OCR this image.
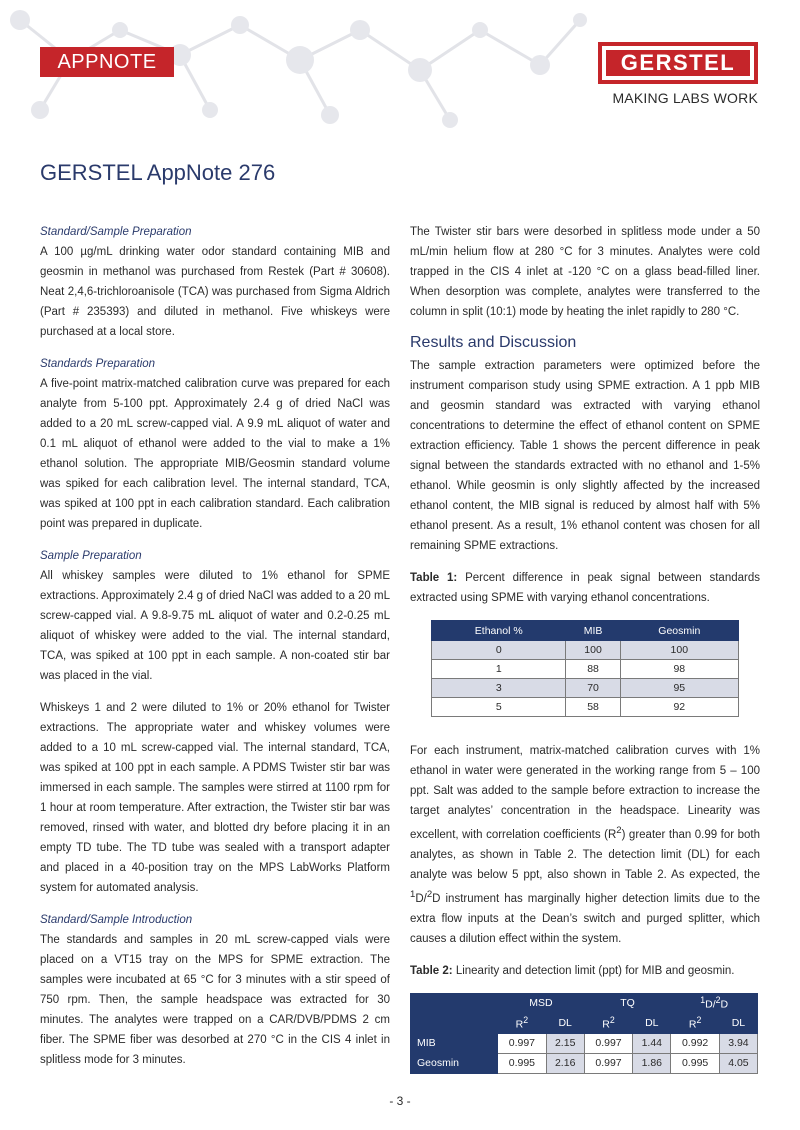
APPNOTE	GERSTEL
MAKING LABS WORK
GERSTEL AppNote 276
Standard/Sample Preparation

A 100 µg/mL drinking water odor standard containing MIB and geosmin in methanol was purchased from Restek (Part # 30608). Neat 2,4,6-trichloroanisole (TCA) was purchased from Sigma Aldrich (Part # 235393) and diluted in methanol. Five whiskeys were purchased at a local store.

Standards Preparation

A five-point matrix-matched calibration curve was prepared for each analyte from 5-100 ppt. Approximately 2.4 g of dried NaCl was added to a 20 mL screw-capped vial. A 9.9 mL aliquot of water and 0.1 mL aliquot of ethanol were added to the vial to make a 1% ethanol solution. The appropriate MIB/Geosmin standard volume was spiked for each calibration level. The internal standard, TCA, was spiked at 100 ppt in each calibration standard. Each calibration point was prepared in duplicate.

Sample Preparation

All whiskey samples were diluted to 1% ethanol for SPME extractions. Approximately 2.4 g of dried NaCl was added to a 20 mL screw-capped vial. A 9.8-9.75 mL aliquot of water and 0.2-0.25 mL aliquot of whiskey were added to the vial. The internal standard, TCA, was spiked at 100 ppt in each sample. A non-coated stir bar was placed in the vial.

Whiskeys 1 and 2 were diluted to 1% or 20% ethanol for Twister extractions. The appropriate water and whiskey volumes were added to a 10 mL screw-capped vial. The internal standard, TCA, was spiked at 100 ppt in each sample. A PDMS Twister stir bar was immersed in each sample. The samples were stirred at 1100 rpm for 1 hour at room temperature. After extraction, the Twister stir bar was removed, rinsed with water, and blotted dry before placing it in an empty TD tube. The TD tube was sealed with a transport adapter and placed in a 40-position tray on the MPS LabWorks Platform system for automated analysis.

Standard/Sample Introduction

The standards and samples in 20 mL screw-capped vials were placed on a VT15 tray on the MPS for SPME extraction. The samples were incubated at 65 °C for 3 minutes with a stir speed of 750 rpm. Then, the sample headspace was extracted for 30 minutes. The analytes were trapped on a CAR/DVB/PDMS 2 cm fiber. The SPME fiber was desorbed at 270 °C in the CIS 4 inlet in splitless mode for 3 minutes.

The Twister stir bars were desorbed in splitless mode under a 50 mL/min helium flow at 280 °C for 3 minutes. Analytes were cold trapped in the CIS 4 inlet at -120 °C on a glass bead-filled liner. When desorption was complete, analytes were transferred to the column in split (10:1) mode by heating the inlet rapidly to 280 °C.

Results and Discussion

The sample extraction parameters were optimized before the instrument comparison study using SPME extraction. A 1 ppb MIB and geosmin standard was extracted with varying ethanol concentrations to determine the effect of ethanol content on SPME extraction efficiency. Table 1 shows the percent difference in peak signal between the standards extracted with no ethanol and 1-5% ethanol. While geosmin is only slightly affected by the increased ethanol content, the MIB signal is reduced by almost half with 5% ethanol present. As a result, 1% ethanol content was chosen for all remaining SPME extractions.

Table 1: Percent difference in peak signal between standards extracted using SPME with varying ethanol concentrations.

Ethanol %	MIB	Geosmin
0	100	100
1	88	98
3	70	95
5	58	92

For each instrument, matrix-matched calibration curves with 1% ethanol in water were generated in the working range from 5 – 100 ppt. Salt was added to the sample before extraction to increase the target analytes’ concentration in the headspace. Linearity was excellent, with correlation coefficients $(R^2)$ greater than 0.99 for both analytes, as shown in Table 2. The detection limit (DL) for each analyte was below 5 ppt, also shown in Table 2. As expected, the $^1$D/$^2$D instrument has marginally higher detection limits due to the extra flow inputs at the Dean’s switch and purged splitter, which causes a dilution effect within the system.

Table 2: Linearity and detection limit (ppt) for MIB and geosmin.

	MSD		TQ		$^1$D/$^2$D	
	$R^2$	DL	$R^2$	DL	$R^2$	DL
MIB	0.997	2.15	0.997	1.44	0.992	3.94
Geosmin	0.995	2.16	0.997	1.86	0.995	4.05
- 3 -
